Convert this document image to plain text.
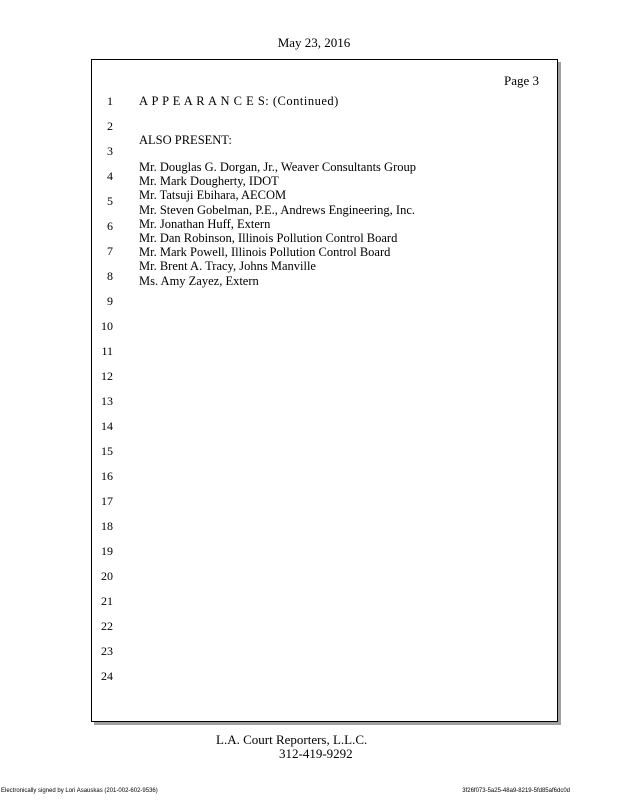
May 23, 2016
Page 3
1
2
3
4
5
6
7
8
9
10
11
12
13
14
15
16
17
18
19
20
21
22
23
24
A P P E A R A N C E S: (Continued)
ALSO PRESENT:
Mr. Douglas G. Dorgan, Jr., Weaver Consultants Group
Mr. Mark Dougherty, IDOT
Mr. Tatsuji Ebihara, AECOM
Mr. Steven Gobelman, P.E., Andrews Engineering, Inc.
Mr. Jonathan Huff, Extern
Mr. Dan Robinson, Illinois Pollution Control Board
Mr. Mark Powell, Illinois Pollution Control Board
Mr. Brent A. Tracy, Johns Manville
Ms. Amy Zayez, Extern
L.A. Court Reporters, L.L.C.
312-419-9292
Electronically signed by Lori Asauskas (201-002-602-9536)	3f26f073-5a25-48a9-8219-5fd85af6dc0d
